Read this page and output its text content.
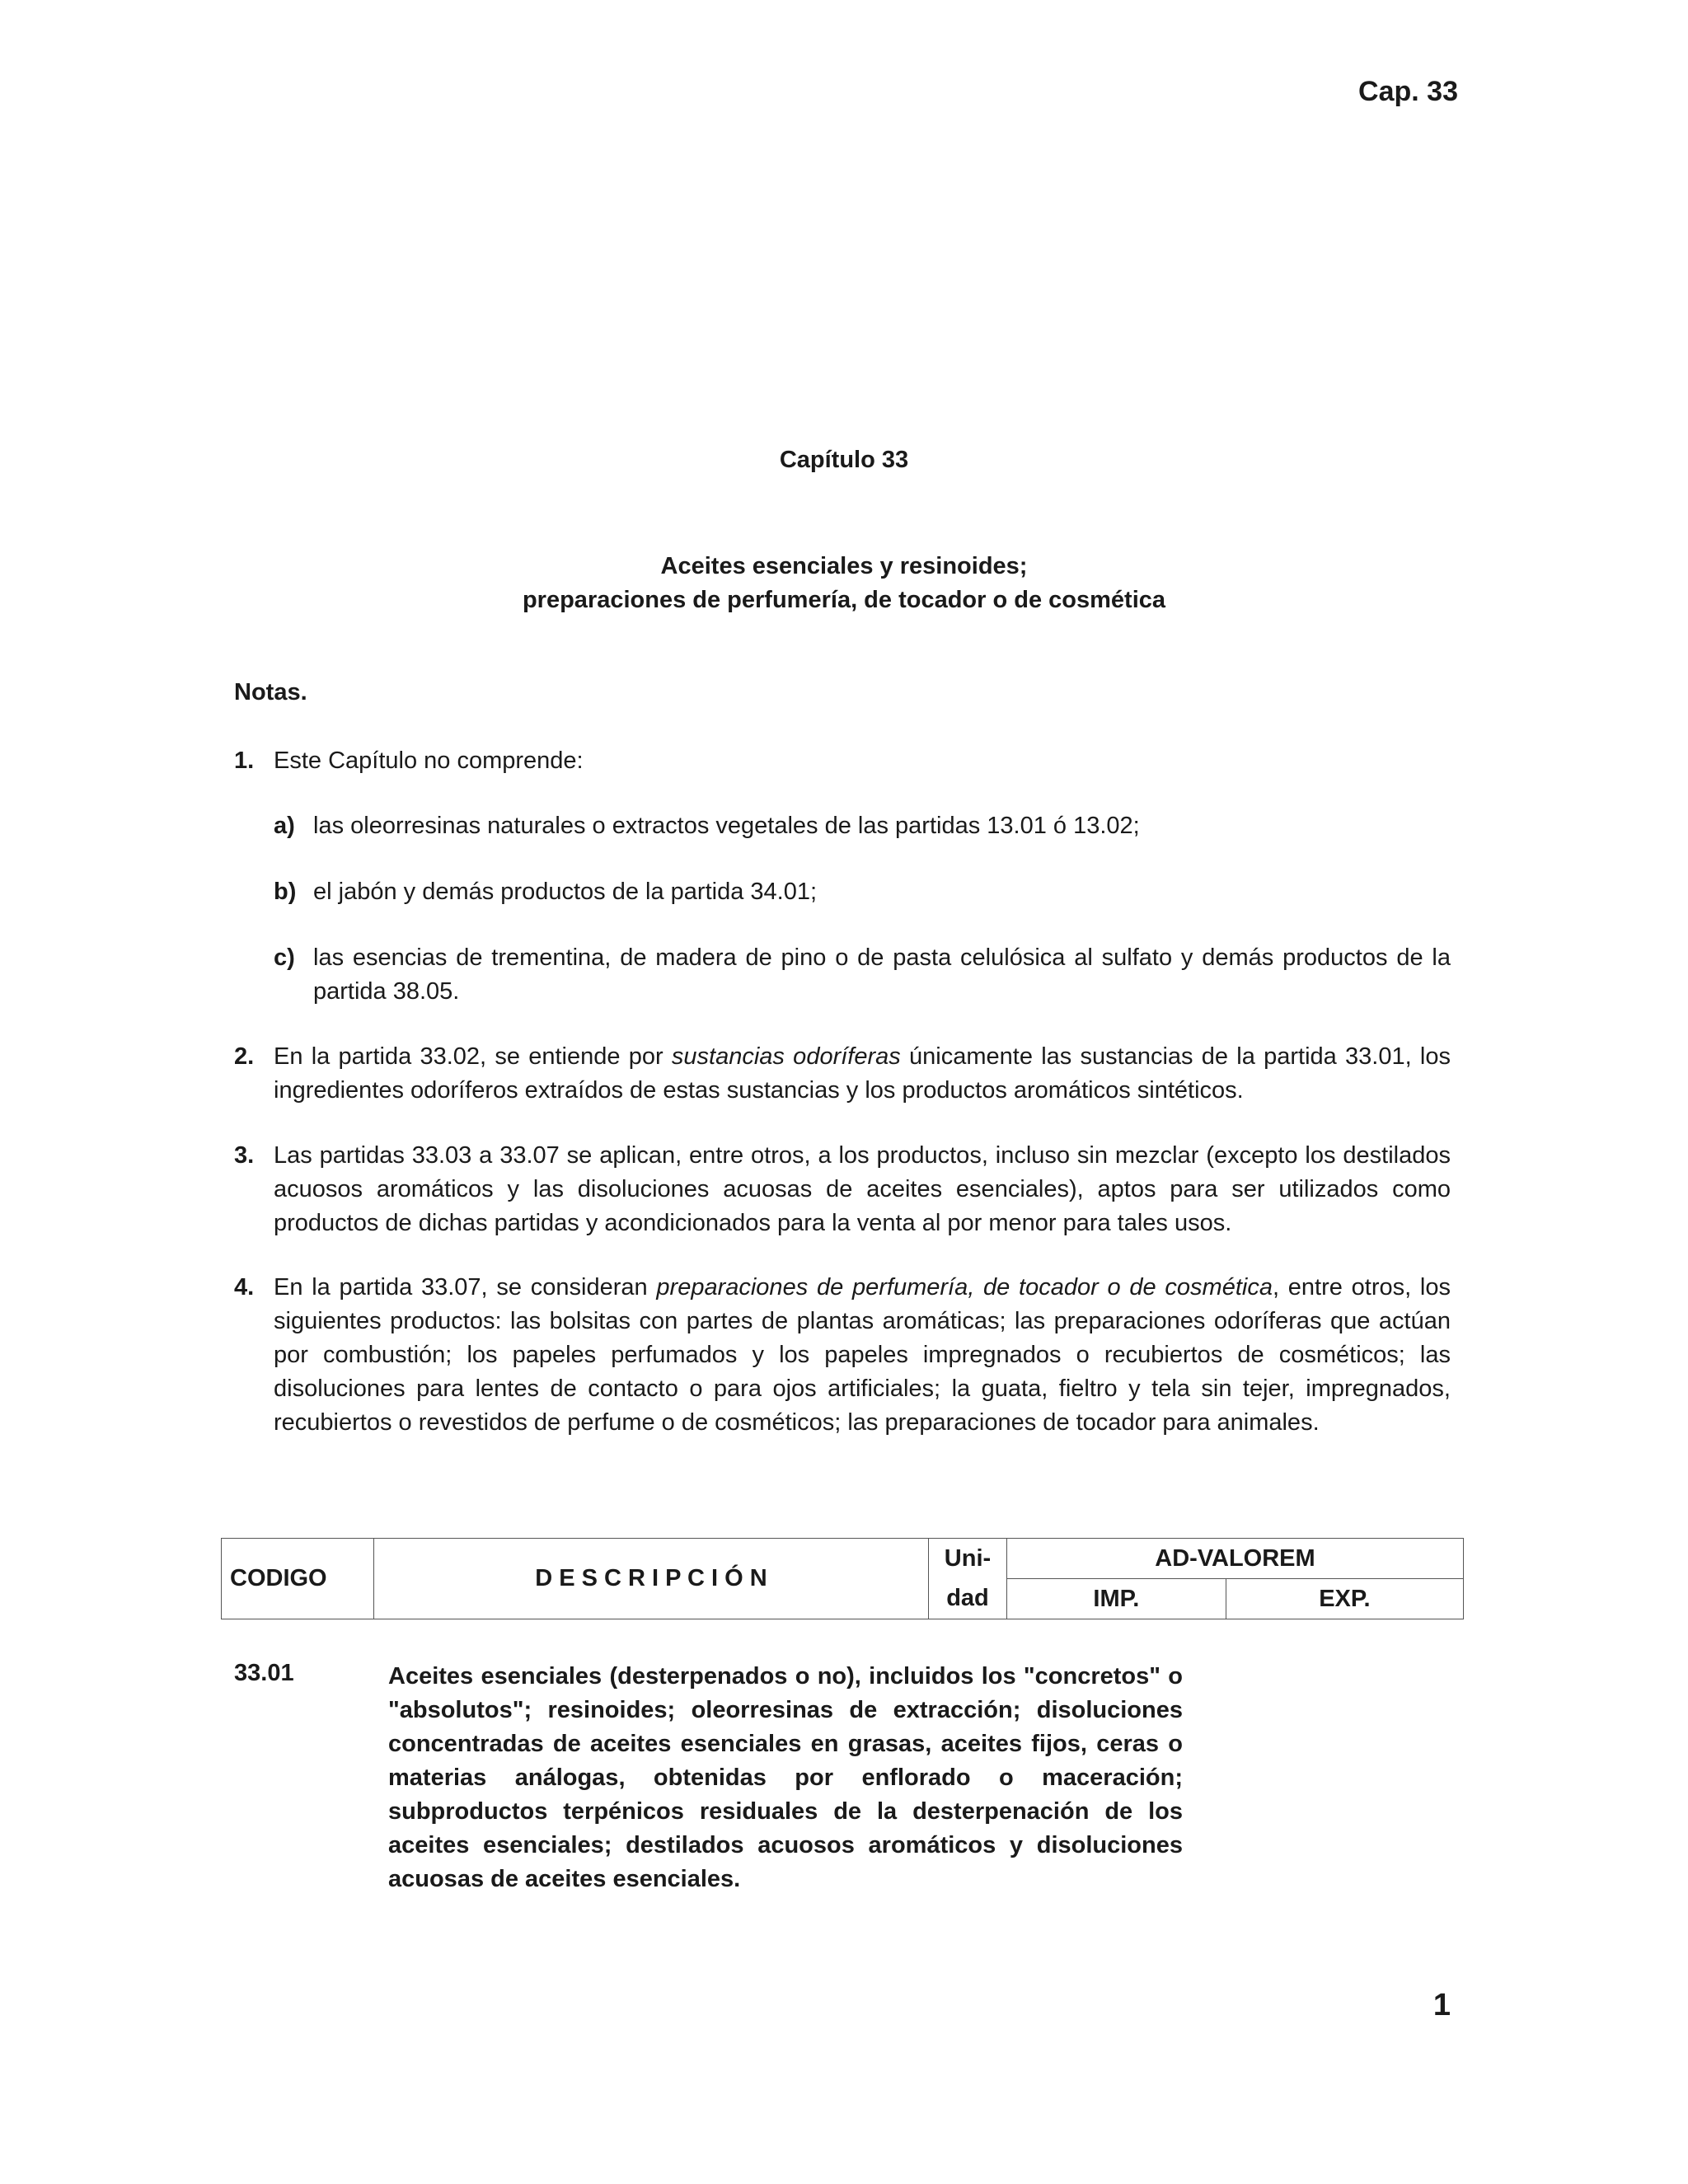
Cap. 33
Capítulo 33
Aceites esenciales y resinoides;
preparaciones de perfumería, de tocador o de cosmética
Notas.
1. Este Capítulo no comprende:
a) las oleorresinas naturales o extractos vegetales de las partidas 13.01 ó 13.02;
b) el jabón y demás productos de la partida 34.01;
c) las esencias de trementina, de madera de pino o de pasta celulósica al sulfato y demás productos de la partida 38.05.
2. En la partida 33.02, se entiende por sustancias odoríferas únicamente las sustancias de la partida 33.01, los ingredientes odoríferos extraídos de estas sustancias y los productos aromáticos sintéticos.
3. Las partidas 33.03 a 33.07 se aplican, entre otros, a los productos, incluso sin mezclar (excepto los destilados acuosos aromáticos y las disoluciones acuosas de aceites esenciales), aptos para ser utilizados como productos de dichas partidas y acondicionados para la venta al por menor para tales usos.
4. En la partida 33.07, se consideran preparaciones de perfumería, de tocador o de cosmética, entre otros, los siguientes productos: las bolsitas con partes de plantas aromáticas; las preparaciones odoríferas que actúan por combustión; los papeles perfumados y los papeles impregnados o recubiertos de cosméticos; las disoluciones para lentes de contacto o para ojos artificiales; la guata, fieltro y tela sin tejer, impregnados, recubiertos o revestidos de perfume o de cosméticos; las preparaciones de tocador para animales.
CODIGO	D E S C R I P C I Ó N	Uni-	AD-VALOREM	
		dad	IMP.	EXP.
33.01	Aceites esenciales (desterpenados o no), incluidos los "concretos" o "absolutos"; resinoides; oleorresinas de extracción; disoluciones concentradas de aceites esenciales en grasas, aceites fijos, ceras o materias análogas, obtenidas por enflorado o maceración; subproductos terpénicos residuales de la desterpenación de los aceites esenciales; destilados acuosos aromáticos y disoluciones acuosas de aceites esenciales.
1
